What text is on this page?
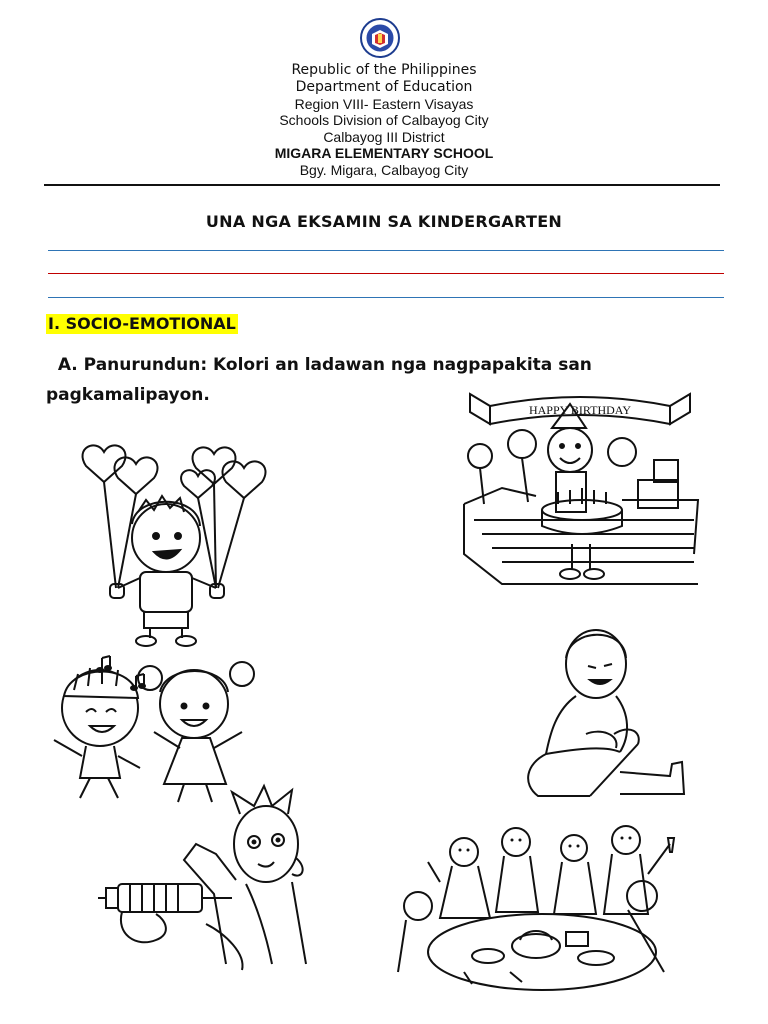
Republic of the Philippines
Department of Education
Region VIII- Eastern Visayas
Schools Division of Calbayog City
Calbayog III District
MIGARA ELEMENTARY SCHOOL
Bgy. Migara, Calbayog City
UNA NGA EKSAMIN SA KINDERGARTEN
I. SOCIO-EMOTIONAL
A. Panurundun: Kolori an ladawan nga nagpapakita san
pagkamalipayon.
HAPPY BIRTHDAY
